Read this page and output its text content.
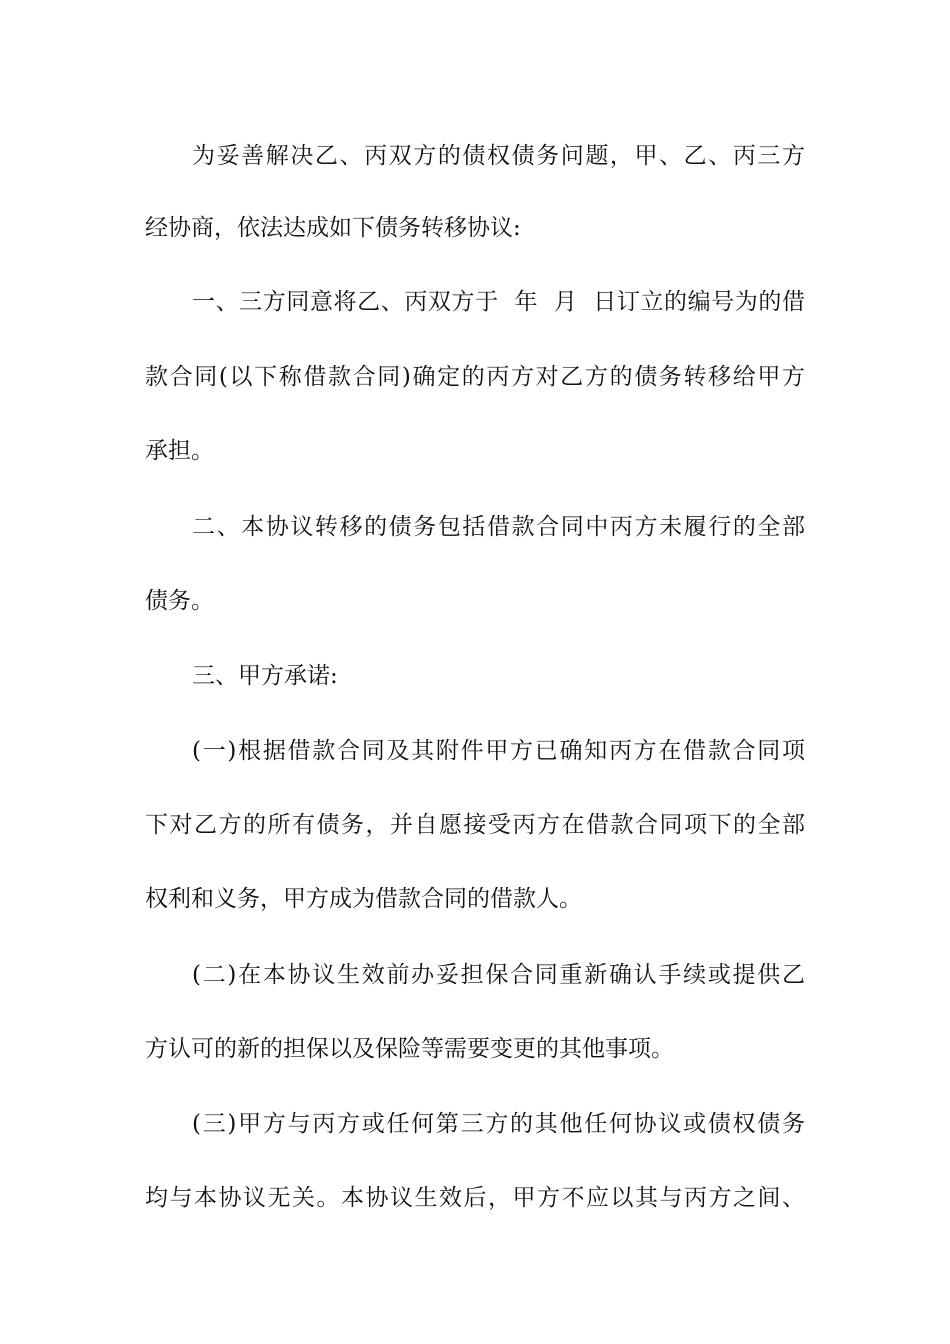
为妥善解决乙、丙双方的债权债务问题，甲、乙、丙三方
经协商，依法达成如下债务转移协议:
一、三方同意将乙、丙双方于  年  月  日订立的编号为的借
款合同(以下称借款合同)确定的丙方对乙方的债务转移给甲方
承担。
二、本协议转移的债务包括借款合同中丙方未履行的全部
债务。
三、甲方承诺:
(一)根据借款合同及其附件甲方已确知丙方在借款合同项
下对乙方的所有债务，并自愿接受丙方在借款合同项下的全部
权利和义务，甲方成为借款合同的借款人。
(二)在本协议生效前办妥担保合同重新确认手续或提供乙
方认可的新的担保以及保险等需要变更的其他事项。
(三)甲方与丙方或任何第三方的其他任何协议或债权债务
均与本协议无关。本协议生效后，甲方不应以其与丙方之间、
